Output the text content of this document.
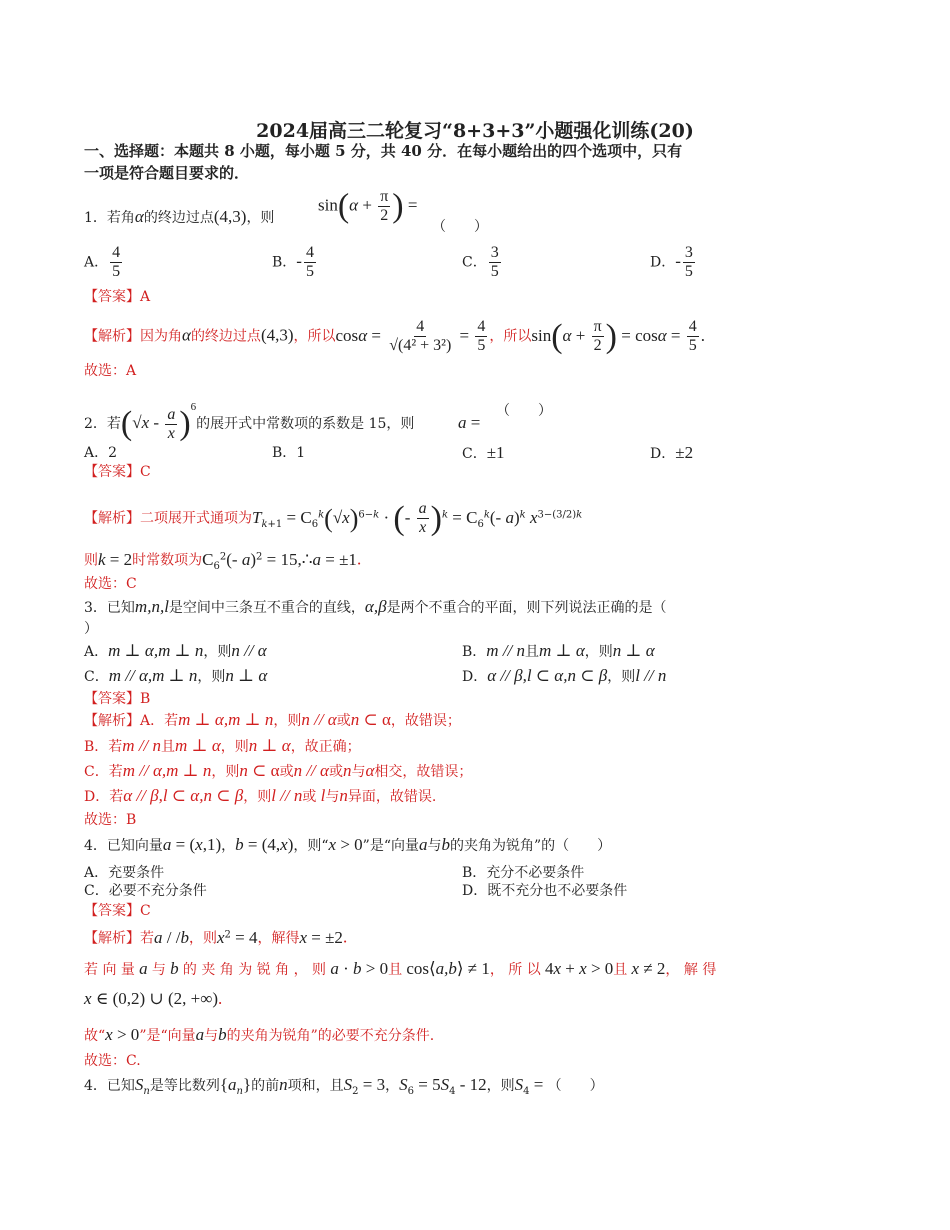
2024届高三二轮复习“8+3+3”小题强化训练(20)
一、选择题：本题共 8 小题，每小题 5 分，共 40 分．在每小题给出的四个选项中，只有
一项是符合题目要求的．
1．若角α的终边过点(4,3)，则
$\sin(\alpha + \frac{\pi}{2}$ ) =
（　　）
A． $\frac{4}{5}$	B．- $\frac{4}{5}$	C． $\frac{3}{5}$	D．- $\frac{3}{5}$
【答案】A
【解析】因为角α的终边过点(4,3)，所以$\cos\alpha = \frac{4}{\text{√(4² + 3²)}} = \frac{4}{5}$ ，所以$\sin(\alpha + \frac{\pi}{2}$ ) = $\cos\alpha = \frac{4}{5}$ .
故选：A
2．若$(√x - \frac{a}{x} )^6$的展开式中常数项的系数是 15，则	a =
（　　）
A．2	B．1	C．±1	D．±2
【答案】C
【解析】二项展开式通项为$T_{k+1} = C_6^k(√x)^{6-k}$ · (- $\frac{a}{x} )^k = C_6^k(-$ a)$^k$ $x^{3-(3/2)k}$
则k = 2时常数项为$C_6^2(-$ a)$^2$ = 15,∴a = ±1.
故选：C
3．已知m,n,l是空间中三条互不重合的直线，α,β是两个不重合的平面，则下列说法正确的是（
）
A．m ⊥ α,m ⊥ n，则n // α	B．m // n且m ⊥ α，则n ⊥ α
C．m // α,m ⊥ n，则n ⊥ α	D．α // β,l ⊂ α,n ⊂ β，则l // n
【答案】B
【解析】A．若m ⊥ α,m ⊥ n，则n // α或n ⊂ α，故错误；
B．若m // n且m ⊥ α，则n ⊥ α，故正确；
C．若m // α,m ⊥ n，则n ⊂ α或n // α或n与α相交，故错误；
D．若α // β,l ⊂ α,n ⊂ β，则l // n或 l与n异面，故错误.
故选：B
4．已知向量a = (x,1)，b = (4,x)，则“x > 0”是“向量a与b的夹角为锐角”的（　　）
A．充要条件	B．充分不必要条件
C．必要不充分条件	D．既不充分也不必要条件
【答案】C
【解析】若a / /b，则$x^2 = 4$，解得x = ±2.
若 向 量 a 与 b 的 夹 角 为 锐 角 ， 则 a · b > 0且 cos⟨a,b⟩ ≠ 1， 所 以 4x + x > 0且 x ≠ 2， 解 得
x ∈ (0,2) ∪ (2, +∞).
故“x > 0”是“向量a与b的夹角为锐角”的必要不充分条件.
故选：C.
4．已知$S_n$是等比数列$\{a_n\}$的前n项和，且$S_2 = 3$，$S_6 = 5S_4 - 12$，则$S_4$ = （　　）
